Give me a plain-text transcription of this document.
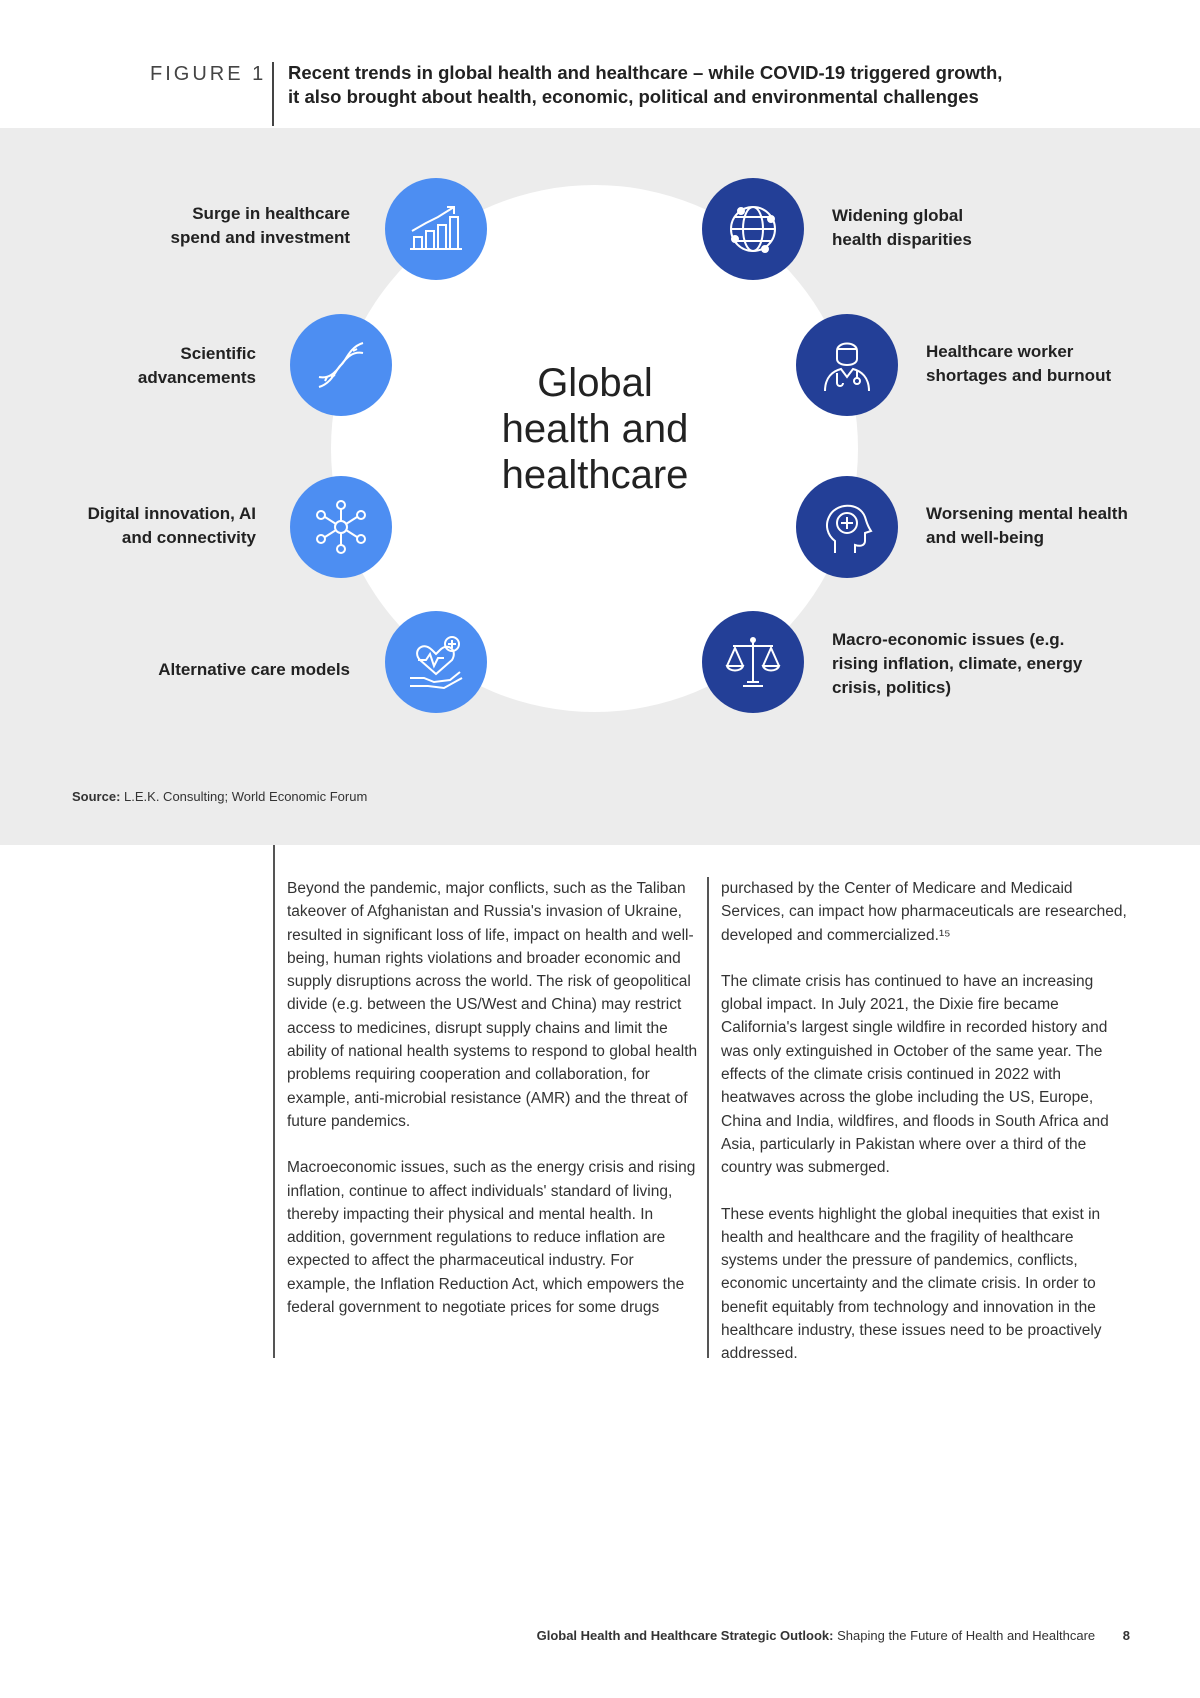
FIGURE 1 Recent trends in global health and healthcare – while COVID-19 triggered growth,
it also brought about health, economic, political and environmental challenges
Global
health and
healthcare
Surge in healthcare
spend and investment
Scientific
advancements
Digital innovation, AI
and connectivity
Alternative care models
Widening global
health disparities
Healthcare worker
shortages and burnout
Worsening mental health
and well-being
Macro-economic issues (e.g.
rising inflation, climate, energy
crisis, politics)
Source: L.E.K. Consulting; World Economic Forum

Beyond the pandemic, major conflicts, such as the Taliban takeover of Afghanistan and Russia's invasion of Ukraine, resulted in significant loss of life, impact on health and well-being, human rights violations and broader economic and supply disruptions across the world. The risk of geopolitical divide (e.g. between the US/West and China) may restrict access to medicines, disrupt supply chains and limit the ability of national health systems to respond to global health problems requiring cooperation and collaboration, for example, anti-microbial resistance (AMR) and the threat of future pandemics.

Macroeconomic issues, such as the energy crisis and rising inflation, continue to affect individuals' standard of living, thereby impacting their physical and mental health. In addition, government regulations to reduce inflation are expected to affect the pharmaceutical industry. For example, the Inflation Reduction Act, which empowers the federal government to negotiate prices for some drugs

purchased by the Center of Medicare and Medicaid Services, can impact how pharmaceuticals are researched, developed and commercialized.¹⁵

The climate crisis has continued to have an increasing global impact. In July 2021, the Dixie fire became California's largest single wildfire in recorded history and was only extinguished in October of the same year. The effects of the climate crisis continued in 2022 with heatwaves across the globe including the US, Europe, China and India, wildfires, and floods in South Africa and Asia, particularly in Pakistan where over a third of the country was submerged.

These events highlight the global inequities that exist in health and healthcare and the fragility of healthcare systems under the pressure of pandemics, conflicts, economic uncertainty and the climate crisis. In order to benefit equitably from technology and innovation in the healthcare industry, these issues need to be proactively addressed.

Global Health and Healthcare Strategic Outlook: Shaping the Future of Health and Healthcare 8
